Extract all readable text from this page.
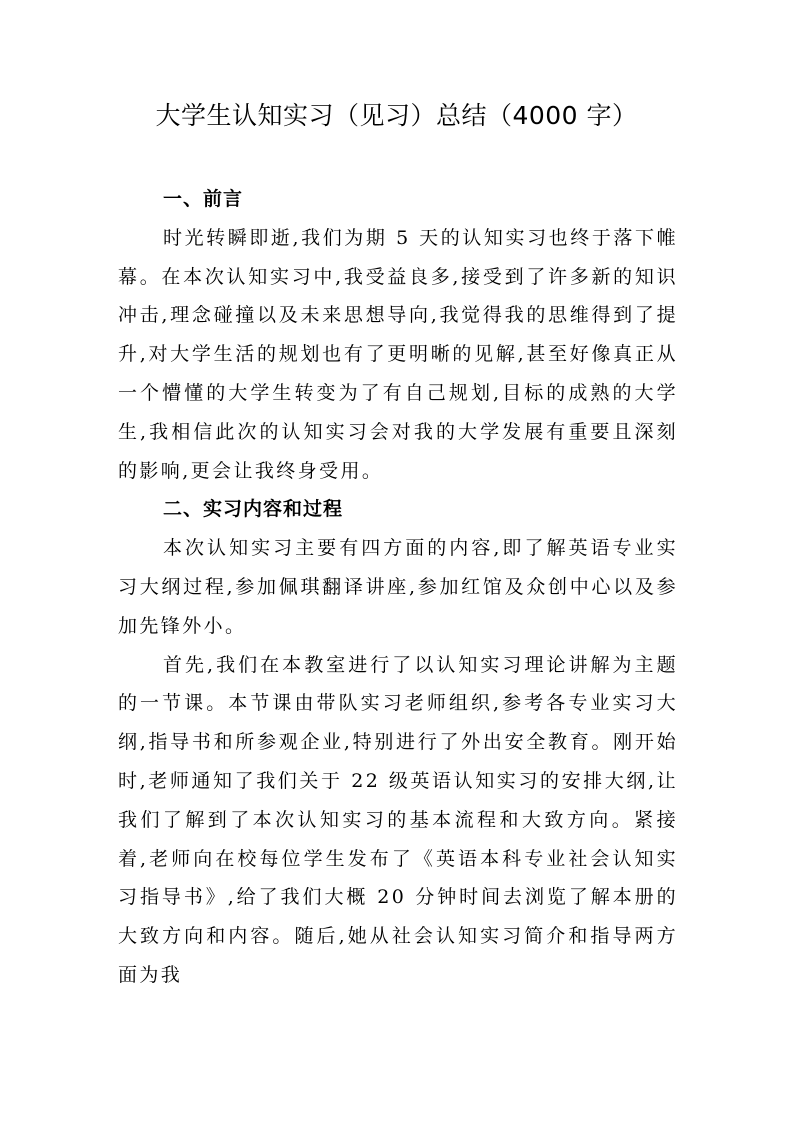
大学生认知实习（见习）总结（4000 字）

一、前言

时光转瞬即逝,我们为期 5 天的认知实习也终于落下帷幕。在本次认知实习中,我受益良多,接受到了许多新的知识冲击,理念碰撞以及未来思想导向,我觉得我的思维得到了提升,对大学生活的规划也有了更明晰的见解,甚至好像真正从一个懵懂的大学生转变为了有自己规划,目标的成熟的大学生,我相信此次的认知实习会对我的大学发展有重要且深刻的影响,更会让我终身受用。

二、实习内容和过程

本次认知实习主要有四方面的内容,即了解英语专业实习大纲过程,参加佩琪翻译讲座,参加红馆及众创中心以及参加先锋外小。

首先,我们在本教室进行了以认知实习理论讲解为主题的一节课。本节课由带队实习老师组织,参考各专业实习大纲,指导书和所参观企业,特别进行了外出安全教育。刚开始时,老师通知了我们关于 22 级英语认知实习的安排大纲,让我们了解到了本次认知实习的基本流程和大致方向。紧接着,老师向在校每位学生发布了《英语本科专业社会认知实习指导书》,给了我们大概 20 分钟时间去浏览了解本册的大致方向和内容。随后,她从社会认知实习简介和指导两方面为我
